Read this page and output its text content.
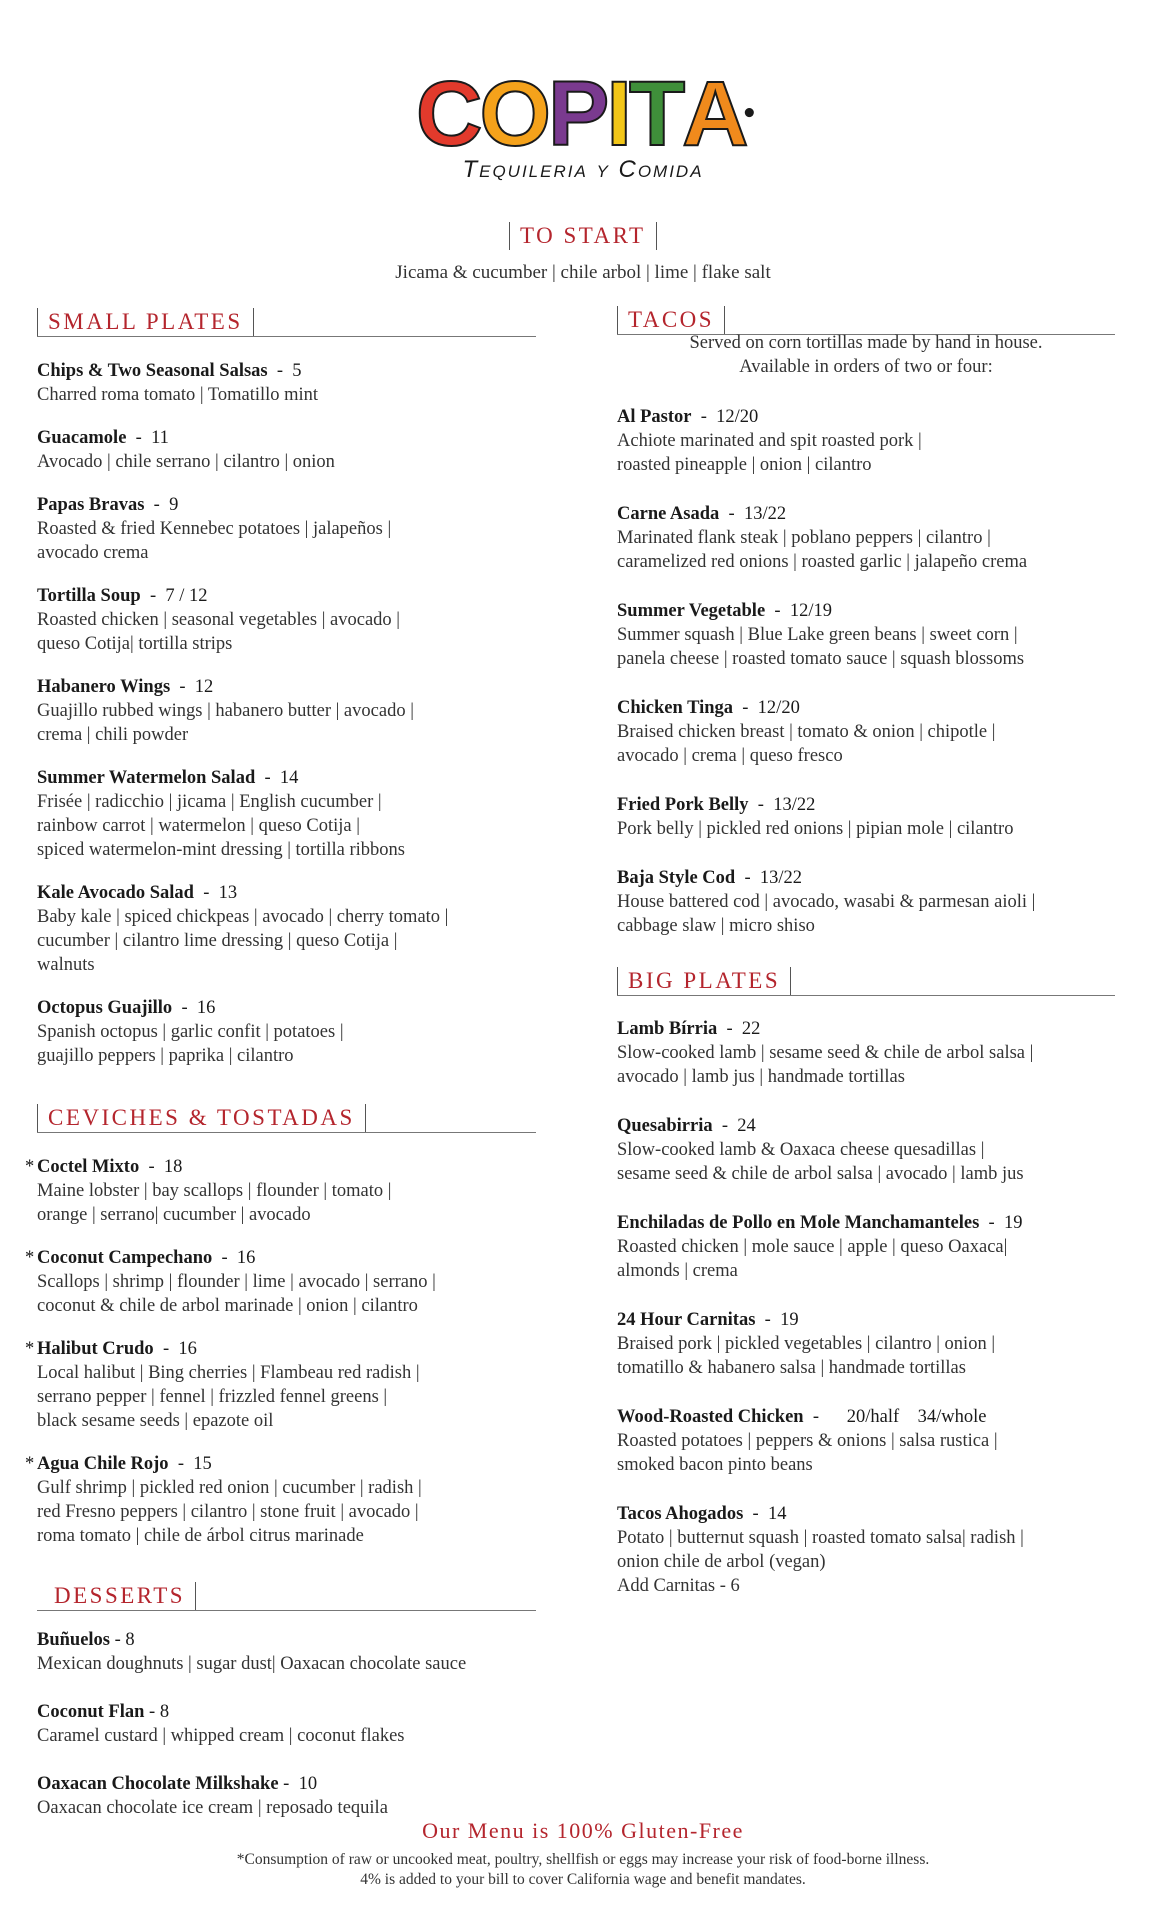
COPITA®
Tequileria y Comida
TO START
Jicama & cucumber | chile arbol | lime | flake salt
SMALL PLATES
Chips & Two Seasonal Salsas  -  5
Charred roma tomato | Tomatillo mint
Guacamole  -  11
Avocado | chile serrano | cilantro | onion
Papas Bravas  -  9
Roasted & fried Kennebec potatoes | jalapeños |
avocado crema
Tortilla Soup  -  7 / 12
Roasted chicken | seasonal vegetables | avocado |
queso Cotija| tortilla strips
Habanero Wings  -  12
Guajillo rubbed wings | habanero butter | avocado |
crema | chili powder
Summer Watermelon Salad  -  14
Frisée | radicchio | jicama | English cucumber |
rainbow carrot | watermelon | queso Cotija |
spiced watermelon-mint dressing | tortilla ribbons
Kale Avocado Salad  -  13
Baby kale | spiced chickpeas | avocado | cherry tomato |
cucumber | cilantro lime dressing | queso Cotija |
walnuts
Octopus Guajillo  -  16
Spanish octopus | garlic confit | potatoes |
guajillo peppers | paprika | cilantro
CEVICHES & TOSTADAS
* Coctel Mixto  -  18
Maine lobster | bay scallops | flounder | tomato |
orange | serrano| cucumber | avocado
* Coconut Campechano  -  16
Scallops | shrimp | flounder | lime | avocado | serrano |
coconut & chile de arbol marinade | onion | cilantro
* Halibut Crudo  -  16
Local halibut | Bing cherries | Flambeau red radish |
serrano pepper | fennel | frizzled fennel greens |
black sesame seeds | epazote oil
* Agua Chile Rojo  -  15
Gulf shrimp | pickled red onion | cucumber | radish |
red Fresno peppers | cilantro | stone fruit | avocado |
roma tomato | chile de árbol citrus marinade
DESSERTS
Buñuelos - 8
Mexican doughnuts | sugar dust| Oaxacan chocolate sauce
Coconut Flan - 8
Caramel custard | whipped cream | coconut flakes
Oaxacan Chocolate Milkshake -  10
Oaxacan chocolate ice cream | reposado tequila
TACOS
Served on corn tortillas made by hand in house.
Available in orders of two or four:
Al Pastor  -  12/20
Achiote marinated and spit roasted pork |
roasted pineapple | onion | cilantro
Carne Asada  -  13/22
Marinated flank steak | poblano peppers | cilantro |
caramelized red onions | roasted garlic | jalapeño crema
Summer Vegetable  -  12/19
Summer squash | Blue Lake green beans | sweet corn |
panela cheese | roasted tomato sauce | squash blossoms
Chicken Tinga  -  12/20
Braised chicken breast | tomato & onion | chipotle |
avocado | crema | queso fresco
Fried Pork Belly  -  13/22
Pork belly | pickled red onions | pipian mole | cilantro
Baja Style Cod  -  13/22
House battered cod | avocado, wasabi & parmesan aioli |
cabbage slaw | micro shiso
BIG PLATES
Lamb Bírria  -  22
Slow-cooked lamb | sesame seed & chile de arbol salsa |
avocado | lamb jus | handmade tortillas
Quesabirria  -  24
Slow-cooked lamb & Oaxaca cheese quesadillas |
sesame seed & chile de arbol salsa | avocado | lamb jus
Enchiladas de Pollo en Mole Manchamanteles  -  19
Roasted chicken | mole sauce | apple | queso Oaxaca|
almonds | crema
24 Hour Carnitas  -  19
Braised pork | pickled vegetables | cilantro | onion |
tomatillo & habanero salsa | handmade tortillas
Wood-Roasted Chicken  -      20/half    34/whole
Roasted potatoes | peppers & onions | salsa rustica |
smoked bacon pinto beans
Tacos Ahogados  -  14
Potato | butternut squash | roasted tomato salsa| radish |
onion chile de arbol (vegan)
Add Carnitas - 6
Our Menu is 100% Gluten-Free
*Consumption of raw or uncooked meat, poultry, shellfish or eggs may increase your risk of food-borne illness.
4% is added to your bill to cover California wage and benefit mandates.
